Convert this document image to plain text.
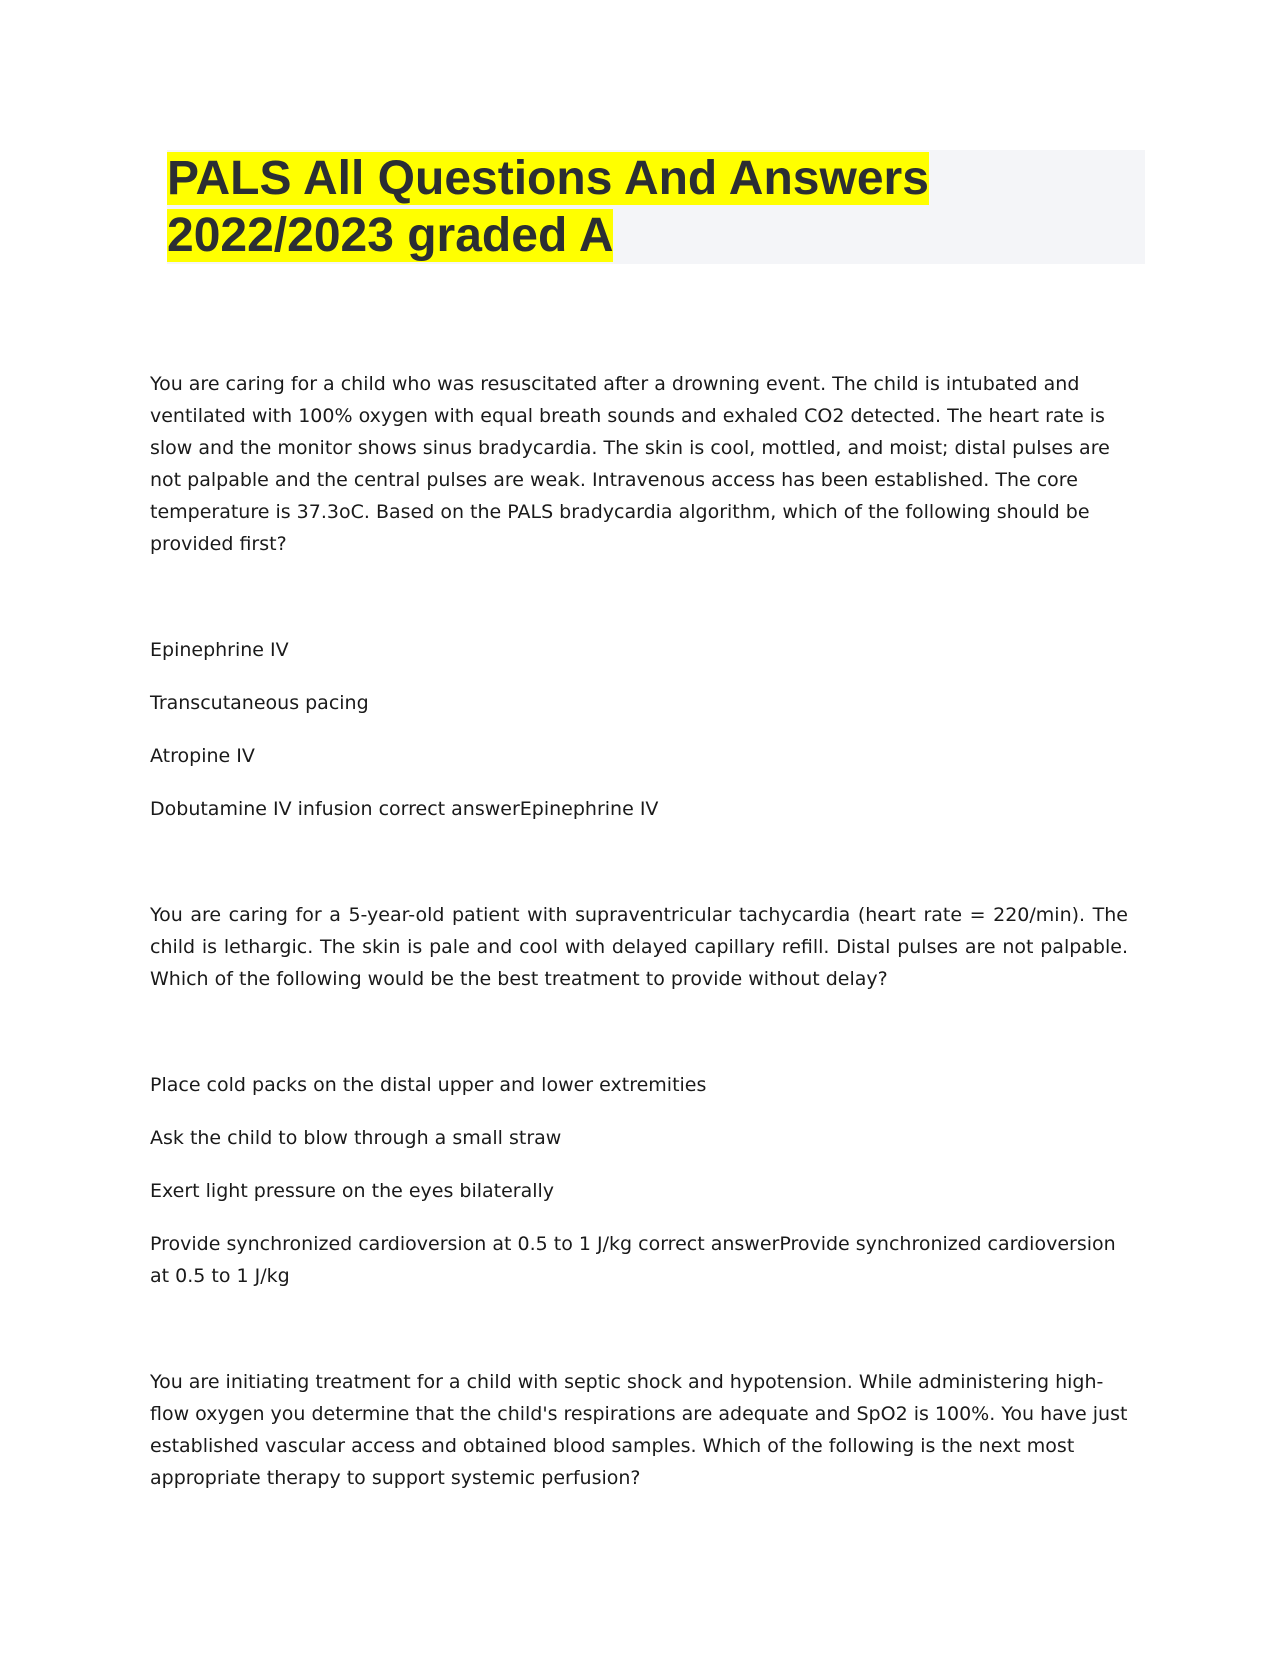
PALS All Questions And Answers
2022/2023 graded A

You are caring for a child who was resuscitated after a drowning event. The child is intubated and ventilated with 100% oxygen with equal breath sounds and exhaled CO2 detected. The heart rate is slow and the monitor shows sinus bradycardia. The skin is cool, mottled, and moist; distal pulses are not palpable and the central pulses are weak. Intravenous access has been established. The core temperature is 37.3oC. Based on the PALS bradycardia algorithm, which of the following should be provided first?

Epinephrine IV

Transcutaneous pacing

Atropine IV

Dobutamine IV infusion correct answerEpinephrine IV

You are caring for a 5-year-old patient with supraventricular tachycardia (heart rate = 220/min). The child is lethargic. The skin is pale and cool with delayed capillary refill. Distal pulses are not palpable. Which of the following would be the best treatment to provide without delay?

Place cold packs on the distal upper and lower extremities

Ask the child to blow through a small straw

Exert light pressure on the eyes bilaterally

Provide synchronized cardioversion at 0.5 to 1 J/kg correct answerProvide synchronized cardioversion at 0.5 to 1 J/kg

You are initiating treatment for a child with septic shock and hypotension. While administering high-flow oxygen you determine that the child's respirations are adequate and SpO2 is 100%. You have just established vascular access and obtained blood samples. Which of the following is the next most appropriate therapy to support systemic perfusion?
